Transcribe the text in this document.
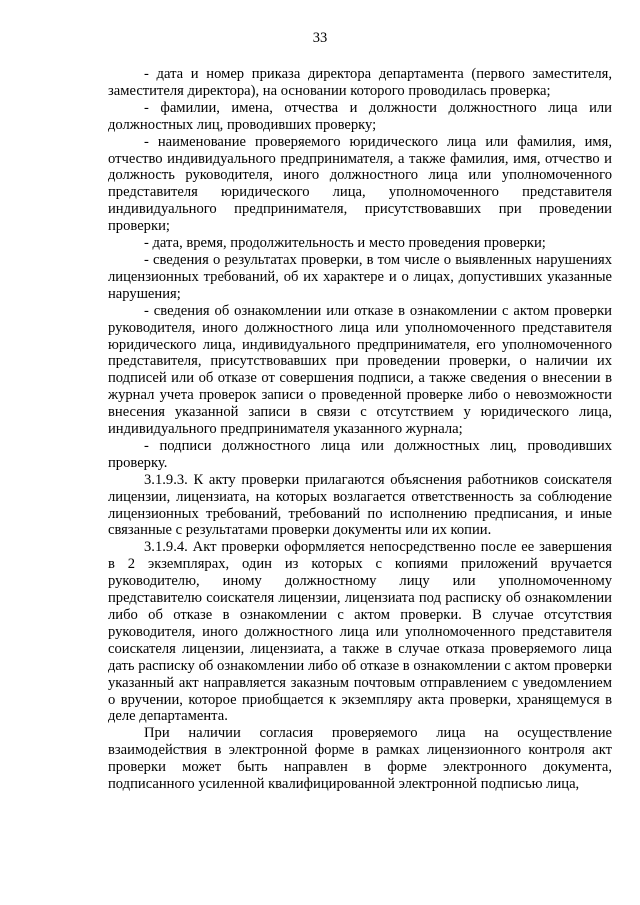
33

- дата и номер приказа директора департамента (первого заместителя, заместителя директора), на основании которого проводилась проверка;

- фамилии, имена, отчества и должности должностного лица или должностных лиц, проводивших проверку;

- наименование проверяемого юридического лица или фамилия, имя, отчество индивидуального предпринимателя, а также фамилия, имя, отчество и должность руководителя, иного должностного лица или уполномоченного представителя юридического лица, уполномоченного представителя индивидуального предпринимателя, присутствовавших при проведении проверки;

- дата, время, продолжительность и место проведения проверки;

- сведения о результатах проверки, в том числе о выявленных нарушениях лицензионных требований, об их характере и о лицах, допустивших указанные нарушения;

- сведения об ознакомлении или отказе в ознакомлении с актом проверки руководителя, иного должностного лица или уполномоченного представителя юридического лица, индивидуального предпринимателя, его уполномоченного представителя, присутствовавших при проведении проверки, о наличии их подписей или об отказе от совершения подписи, а также сведения о внесении в журнал учета проверок записи о проведенной проверке либо о невозможности внесения указанной записи в связи с отсутствием у юридического лица, индивидуального предпринимателя указанного журнала;

- подписи должностного лица или должностных лиц, проводивших проверку.

3.1.9.3. К акту проверки прилагаются объяснения работников соискателя лицензии, лицензиата, на которых возлагается ответственность за соблюдение лицензионных требований, требований по исполнению предписания, и иные связанные с результатами проверки документы или их копии.

3.1.9.4. Акт проверки оформляется непосредственно после ее завершения в 2 экземплярах, один из которых с копиями приложений вручается руководителю, иному должностному лицу или уполномоченному представителю соискателя лицензии, лицензиата под расписку об ознакомлении либо об отказе в ознакомлении с актом проверки. В случае отсутствия руководителя, иного должностного лица или уполномоченного представителя соискателя лицензии, лицензиата, а также в случае отказа проверяемого лица дать расписку об ознакомлении либо об отказе в ознакомлении с актом проверки указанный акт направляется заказным почтовым отправлением с уведомлением о вручении, которое приобщается к экземпляру акта проверки, хранящемуся в деле департамента.

При наличии согласия проверяемого лица на осуществление взаимодействия в электронной форме в рамках лицензионного контроля акт проверки может быть направлен в форме электронного документа, подписанного усиленной квалифицированной электронной подписью лица,
